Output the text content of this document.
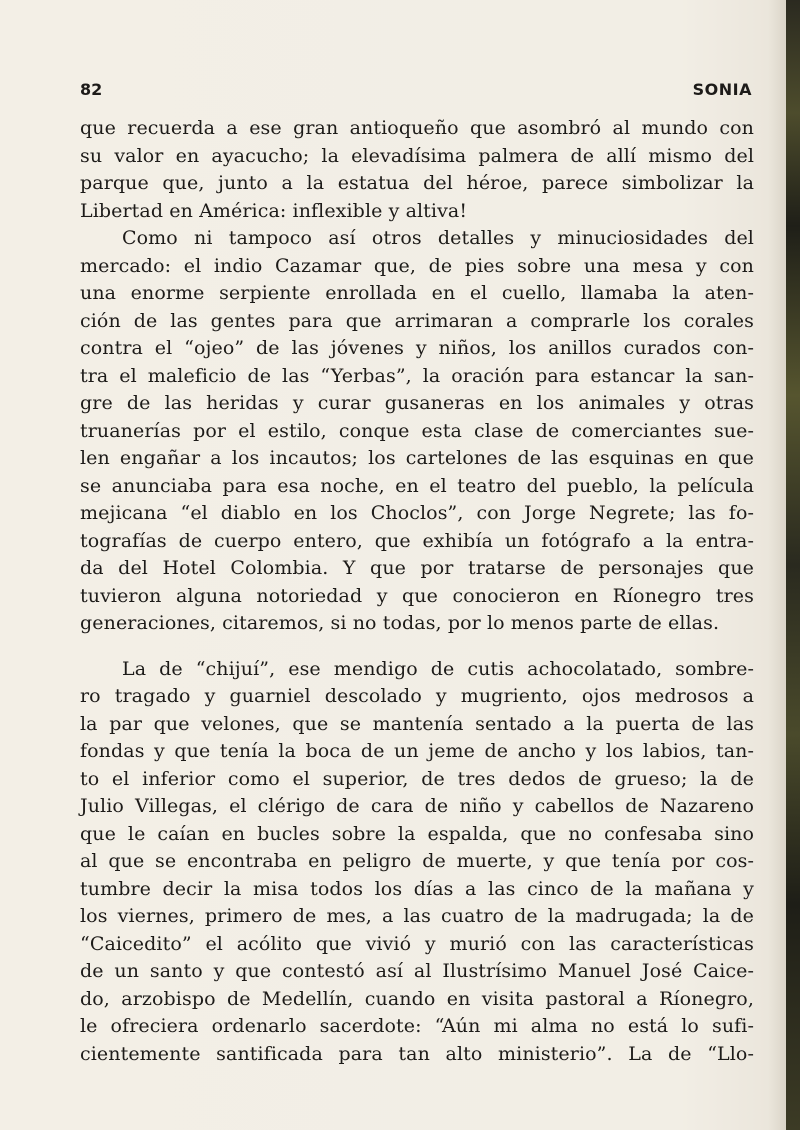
82	SONIA
que recuerda a ese gran antioqueño que asombró al mundo con
su valor en ayacucho; la elevadísima palmera de allí mismo del
parque que, junto a la estatua del héroe, parece simbolizar la
Libertad en América: inflexible y altiva!
Como ni tampoco así otros detalles y minuciosidades del
mercado: el indio Cazamar que, de pies sobre una mesa y con
una enorme serpiente enrollada en el cuello, llamaba la aten-
ción de las gentes para que arrimaran a comprarle los corales
contra el “ojeo” de las jóvenes y niños, los anillos curados con-
tra el maleficio de las “Yerbas”, la oración para estancar la san-
gre de las heridas y curar gusaneras en los animales y otras
truanerías por el estilo, conque esta clase de comerciantes sue-
len engañar a los incautos; los cartelones de las esquinas en que
se anunciaba para esa noche, en el teatro del pueblo, la película
mejicana “el diablo en los Choclos”, con Jorge Negrete; las fo-
tografías de cuerpo entero, que exhibía un fotógrafo a la entra-
da del Hotel Colombia. Y que por tratarse de personajes que
tuvieron alguna notoriedad y que conocieron en Ríonegro tres
generaciones, citaremos, si no todas, por lo menos parte de ellas.
La de “chijuí”, ese mendigo de cutis achocolatado, sombre-
ro tragado y guarniel descolado y mugriento, ojos medrosos a
la par que velones, que se mantenía sentado a la puerta de las
fondas y que tenía la boca de un jeme de ancho y los labios, tan-
to el inferior como el superior, de tres dedos de grueso; la de
Julio Villegas, el clérigo de cara de niño y cabellos de Nazareno
que le caían en bucles sobre la espalda, que no confesaba sino
al que se encontraba en peligro de muerte, y que tenía por cos-
tumbre decir la misa todos los días a las cinco de la mañana y
los viernes, primero de mes, a las cuatro de la madrugada; la de
“Caicedito” el acólito que vivió y murió con las características
de un santo y que contestó así al Ilustrísimo Manuel José Caice-
do, arzobispo de Medellín, cuando en visita pastoral a Ríonegro,
le ofreciera ordenarlo sacerdote: “Aún mi alma no está lo sufi-
cientemente santificada para tan alto ministerio”. La de “Llo-
